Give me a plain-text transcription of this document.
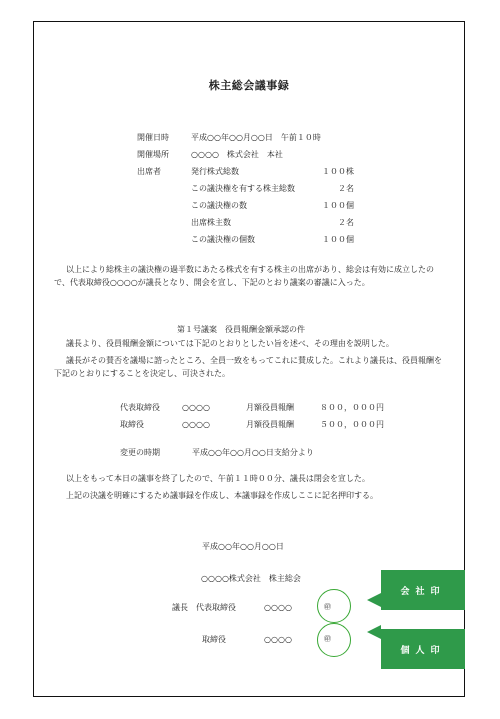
株主総会議事録
開催日時	平成○○年○○月○○日　午前１０時
開催場所	○○○○　株式会社　本社
出席者	発行株式総数	１００株
この議決権を有する株主総数	２名
この議決権の数	１００個
出席株主数	２名
この議決権の個数	１００個
以上により総株主の議決権の過半数にあたる株式を有する株主の出席があり、総会は有効に成立したので、代表取締役○○○○が議長となり、開会を宣し、下記のとおり議案の審議に入った。
第１号議案　役員報酬金額承認の件
議長より、役員報酬金額については下記のとおりとしたい旨を述べ、その理由を説明した。
議長がその賛否を議場に諮ったところ、全員一致をもってこれに賛成した。これより議長は、役員報酬を下記のとおりにすることを決定し、可決された。
代表取締役	○○○○	月額役員報酬	８００，０００円
取締役	○○○○	月額役員報酬	５００，０００円
変更の時期	平成○○年○○月○○日支給分より
以上をもって本日の議事を終了したので、午前１１時００分、議長は閉会を宣した。
上記の決議を明確にするため議事録を作成し、本議事録を作成しここに記名押印する。
平成○○年○○月○○日
○○○○株式会社　株主総会
議長　代表取締役	○○○○
取締役	○○○○
㊞
㊞
会社印
個人印
